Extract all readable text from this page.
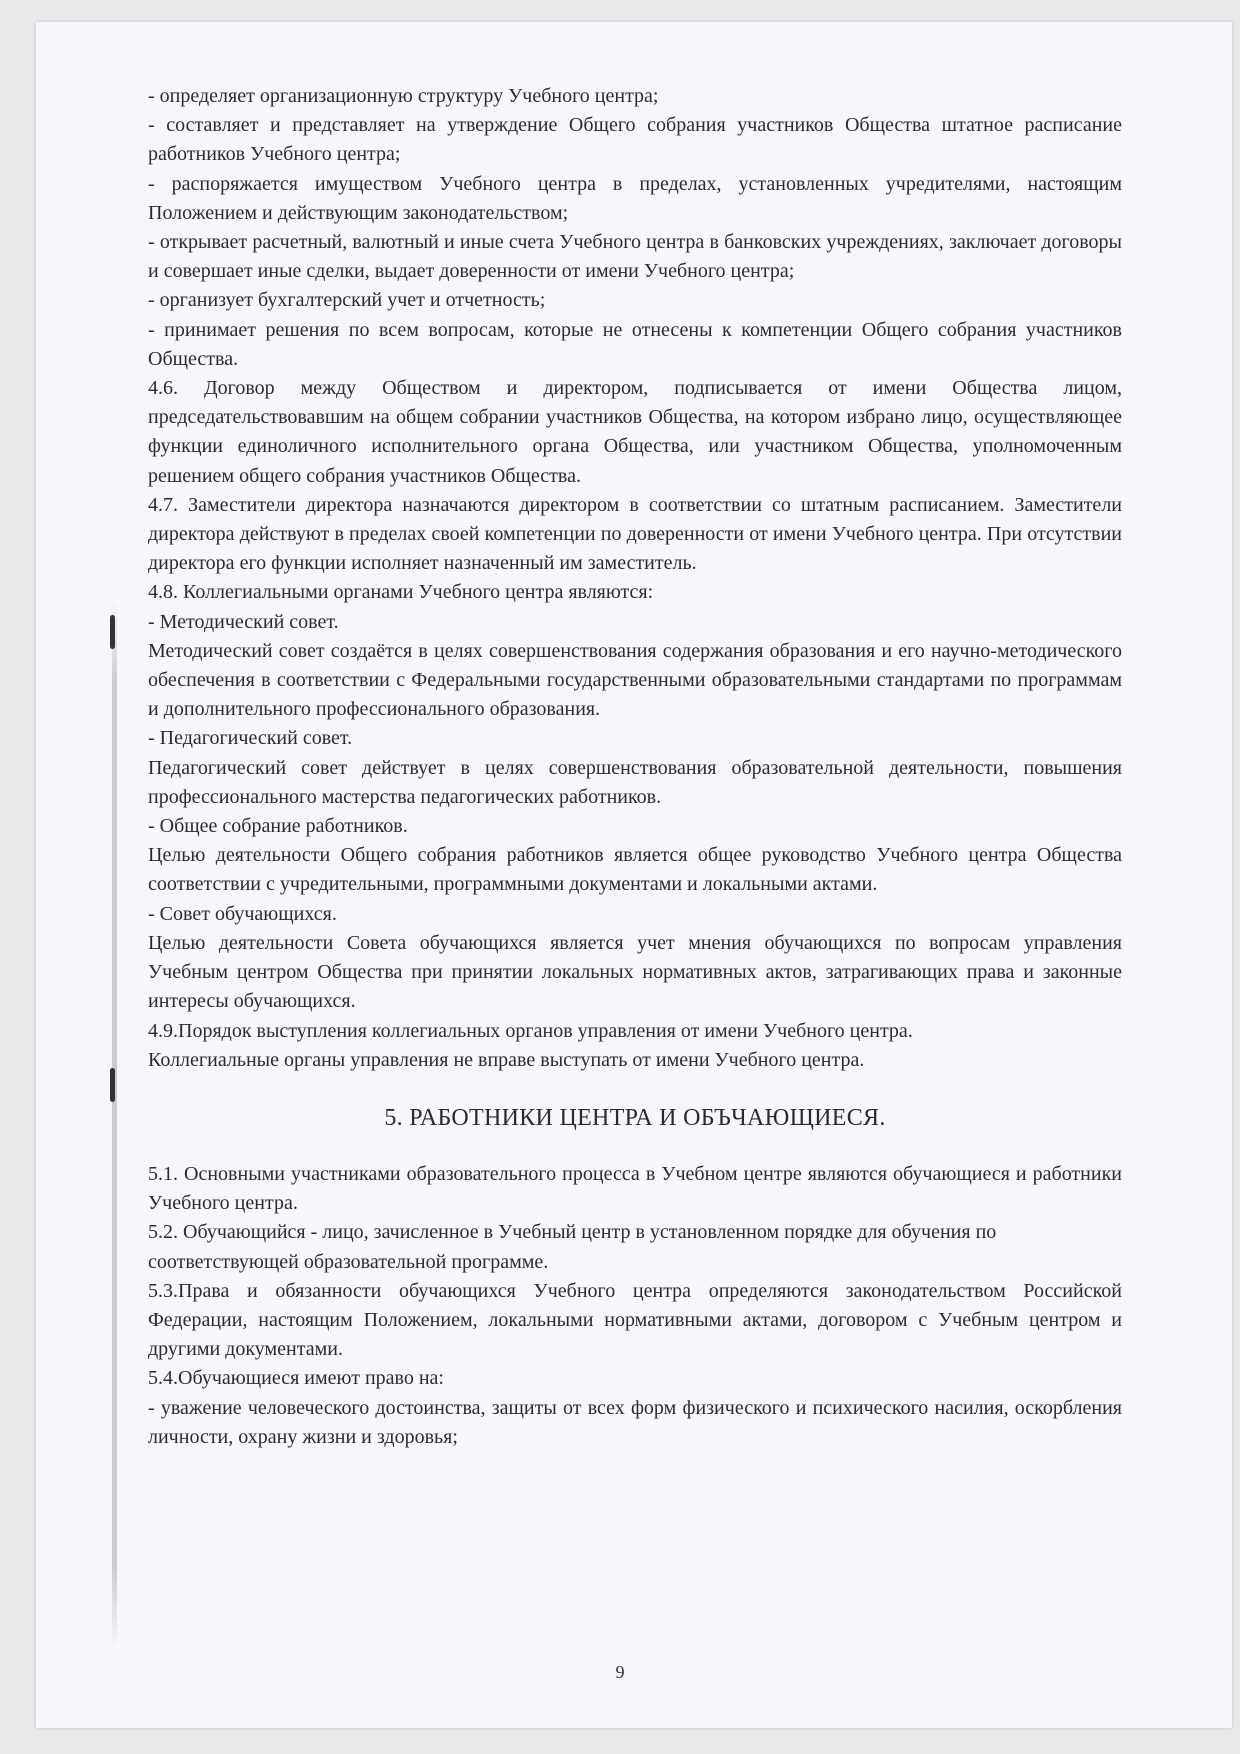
- определяет организационную структуру Учебного центра;

- составляет и представляет на утверждение Общего собрания участников Общества штатное расписание работников Учебного центра;

- распоряжается имуществом Учебного центра в пределах, установленных учредителями, настоящим Положением и действующим законодательством;

- открывает расчетный, валютный и иные счета Учебного центра в банковских учреждениях, заключает договоры и совершает иные сделки, выдает доверенности от имени Учебного центра;

- организует бухгалтерский учет и отчетность;

- принимает решения по всем вопросам, которые не отнесены к компетенции Общего собрания участников Общества.

4.6. Договор между Обществом и директором, подписывается от имени Общества лицом, председательствовавшим на общем собрании участников Общества, на котором избрано лицо, осуществляющее функции единоличного исполнительного органа Общества, или участником Общества, уполномоченным решением общего собрания участников Общества.

4.7. Заместители директора назначаются директором в соответствии со штатным расписанием. Заместители директора действуют в пределах своей компетенции по доверенности от имени Учебного центра. При отсутствии директора его функции исполняет назначенный им заместитель.

4.8. Коллегиальными органами Учебного центра являются:

- Методический совет.

Методический совет создаётся в целях совершенствования содержания образования и его научно-методического обеспечения в соответствии с Федеральными государственными образовательными стандартами по программам и дополнительного профессионального образования.

- Педагогический совет.

Педагогический совет действует в целях совершенствования образовательной деятельности, повышения профессионального мастерства педагогических работников.

- Общее собрание работников.

Целью деятельности Общего собрания работников является общее руководство Учебного центра Общества соответствии с учредительными, программными документами и локальными актами.

- Совет обучающихся.

Целью деятельности Совета обучающихся является учет мнения обучающихся по вопросам управления Учебным центром Общества при принятии локальных нормативных актов, затрагивающих права и законные интересы обучающихся.

4.9.Порядок выступления коллегиальных органов управления от имени Учебного центра.

Коллегиальные органы управления не вправе выступать от имени Учебного центра.

5. РАБОТНИКИ ЦЕНТРА И ОБЪЧАЮЩИЕСЯ.

5.1. Основными участниками образовательного процесса в Учебном центре являются обучающиеся и работники Учебного центра.

5.2. Обучающийся - лицо, зачисленное в Учебный центр в установленном порядке для обучения по соответствующей образовательной программе.

5.3.Права и обязанности обучающихся Учебного центра определяются законодательством Российской Федерации, настоящим Положением, локальными нормативными актами, договором с Учебным центром и другими документами.

5.4.Обучающиеся имеют право на:

- уважение человеческого достоинства, защиты от всех форм физического и психического насилия, оскорбления личности, охрану жизни и здоровья;

9
